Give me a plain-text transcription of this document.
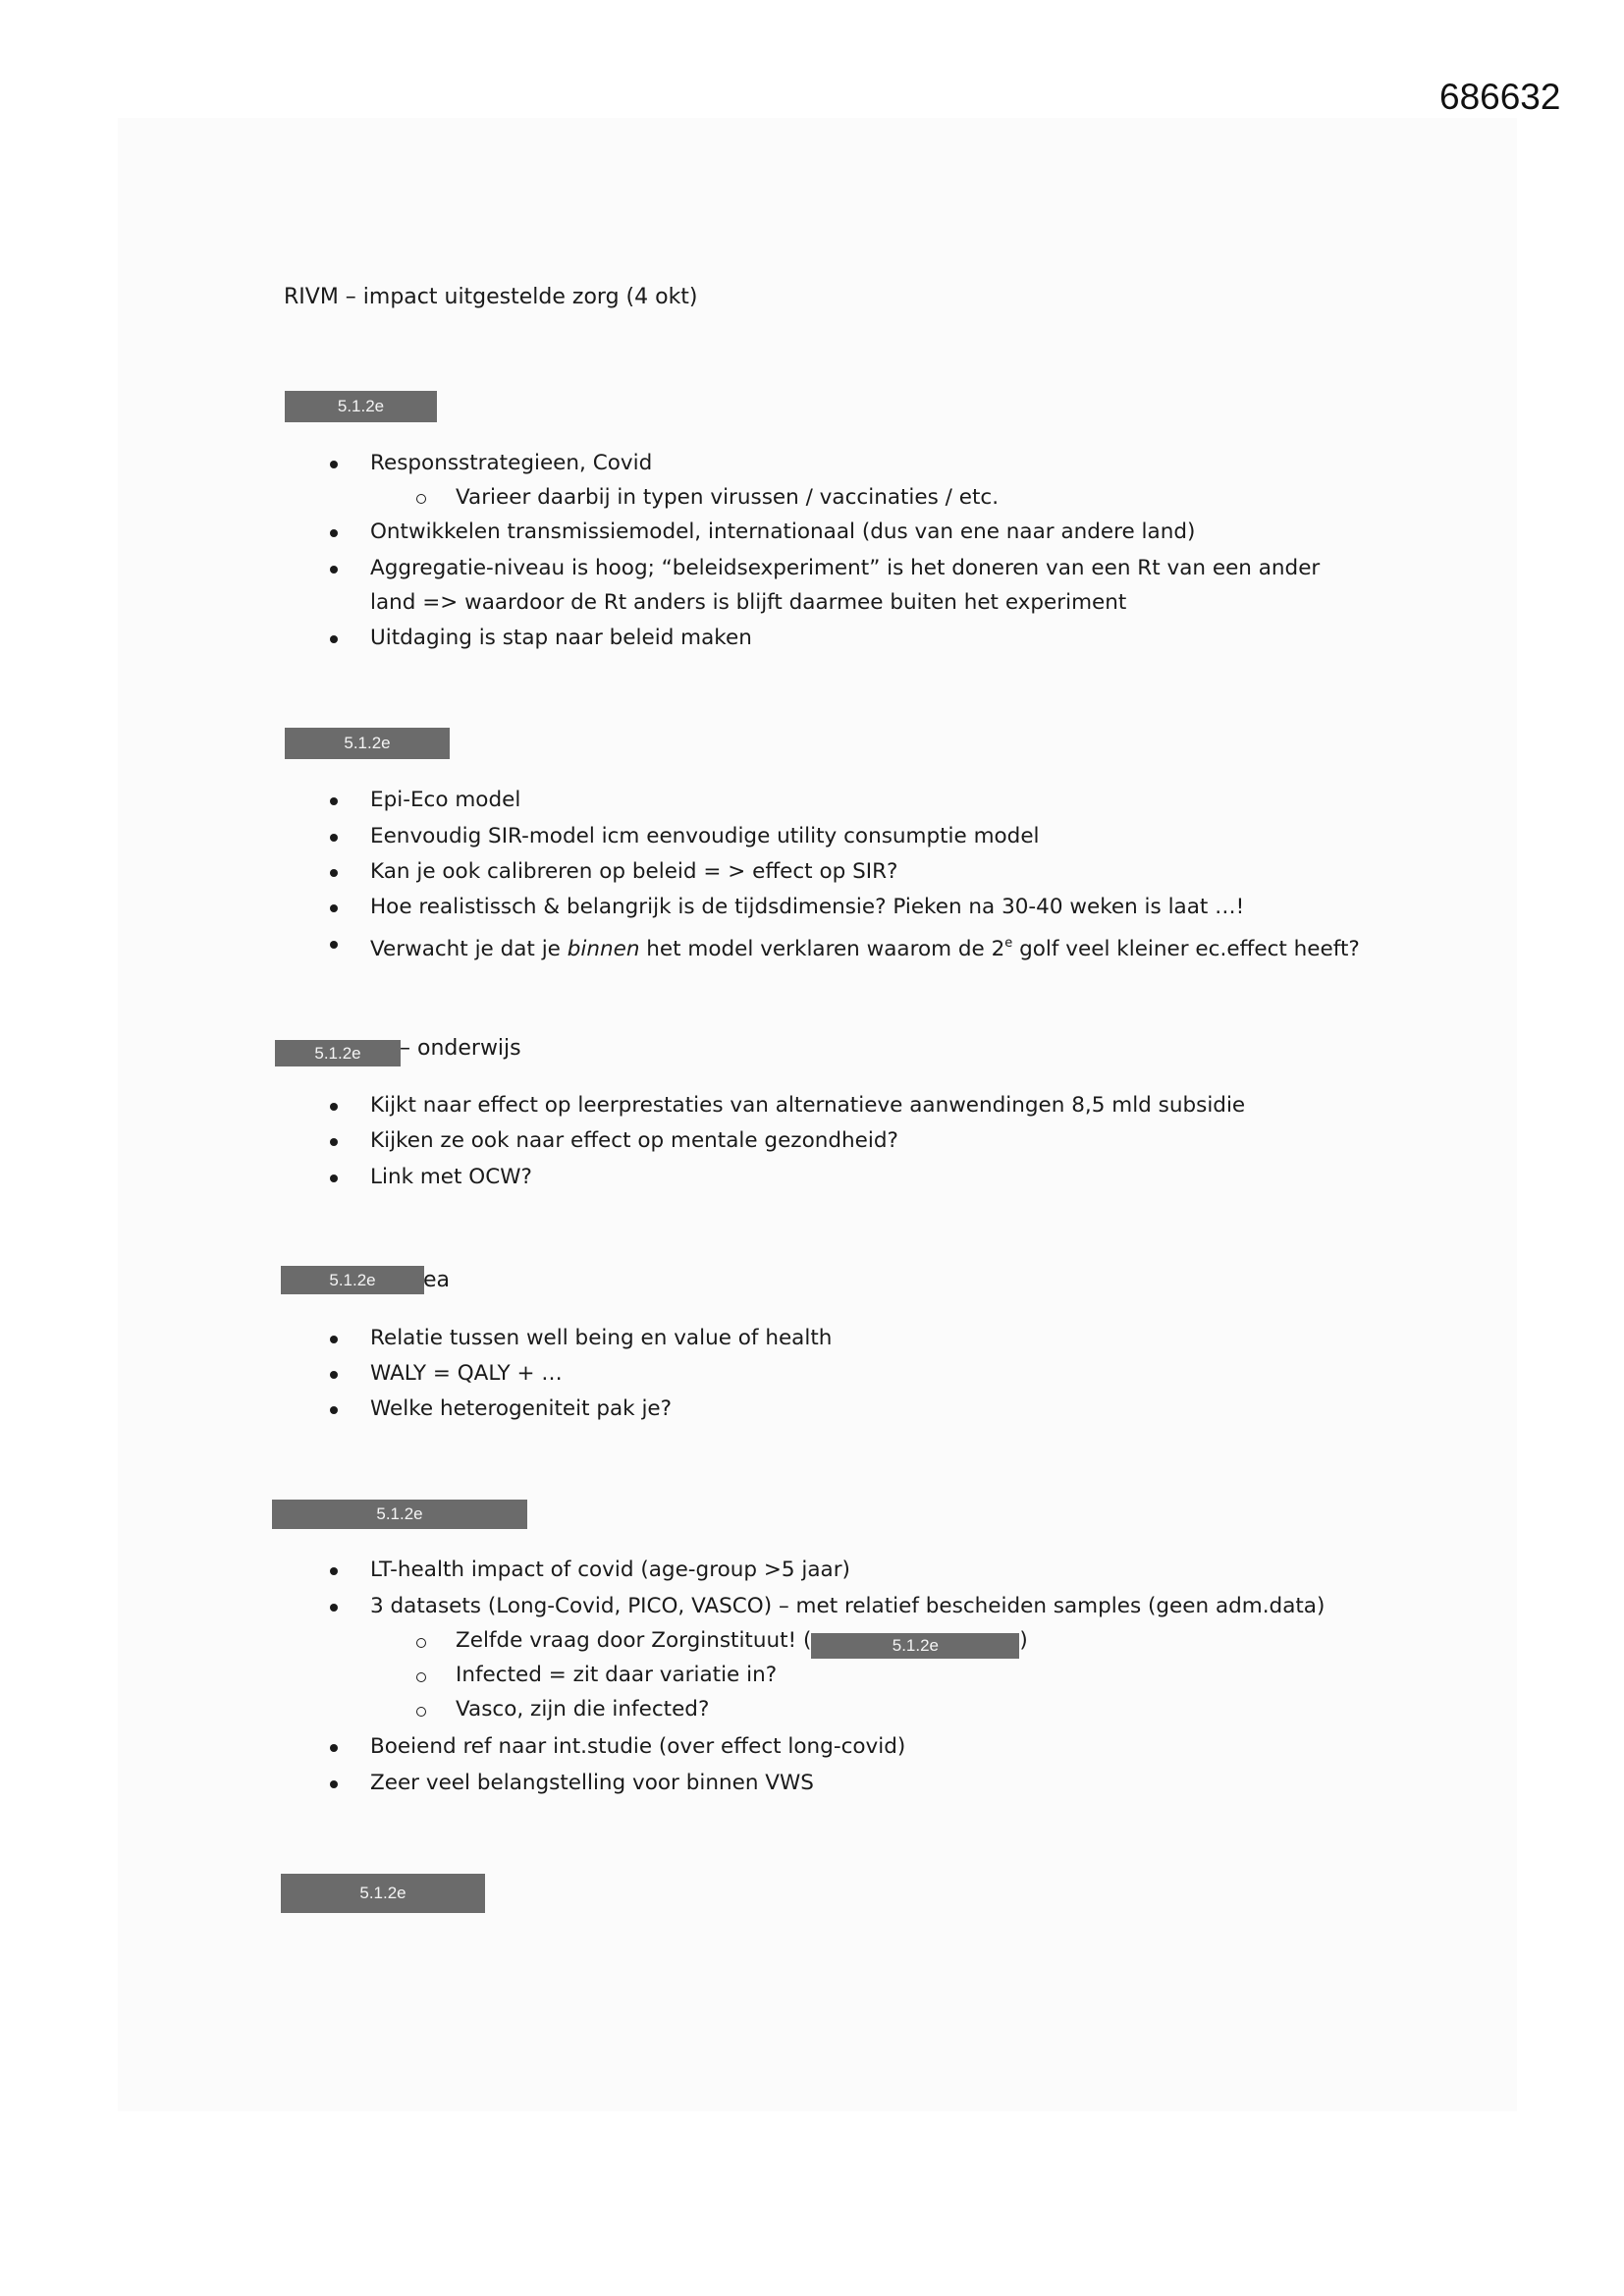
686632
RIVM – impact uitgestelde zorg (4 okt)
5.1.2e
Responsstrategieen, Covid
Varieer daarbij in typen virussen / vaccinaties / etc.
Ontwikkelen transmissiemodel, internationaal (dus van ene naar andere land)
Aggregatie-niveau is hoog; “beleidsexperiment” is het doneren van een Rt van een ander
land => waardoor de Rt anders is blijft daarmee buiten het experiment
Uitdaging is stap naar beleid maken
5.1.2e
Epi-Eco model
Eenvoudig SIR-model icm eenvoudige utility consumptie model
Kan je ook calibreren op beleid = > effect op SIR?
Hoe realistissch & belangrijk is de tijdsdimensie? Pieken na 30-40 weken is laat …!
Verwacht je dat je binnen het model verklaren waarom de 2e golf veel kleiner ec.effect heeft?
5.1.2e	– onderwijs
Kijkt naar effect op leerprestaties van alternatieve aanwendingen 8,5 mld subsidie
Kijken ze ook naar effect op mentale gezondheid?
Link met OCW?
5.1.2e	ea
Relatie tussen well being en value of health
WALY = QALY + …
Welke heterogeniteit pak je?
5.1.2e
LT-health impact of covid (age-group >5 jaar)
3 datasets (Long-Covid, PICO, VASCO) – met relatief bescheiden samples (geen adm.data)
Zelfde vraag door Zorginstituut! (	5.1.2e	)
Infected = zit daar variatie in?
Vasco, zijn die infected?
Boeiend ref naar int.studie (over effect long-covid)
Zeer veel belangstelling voor binnen VWS
5.1.2e
